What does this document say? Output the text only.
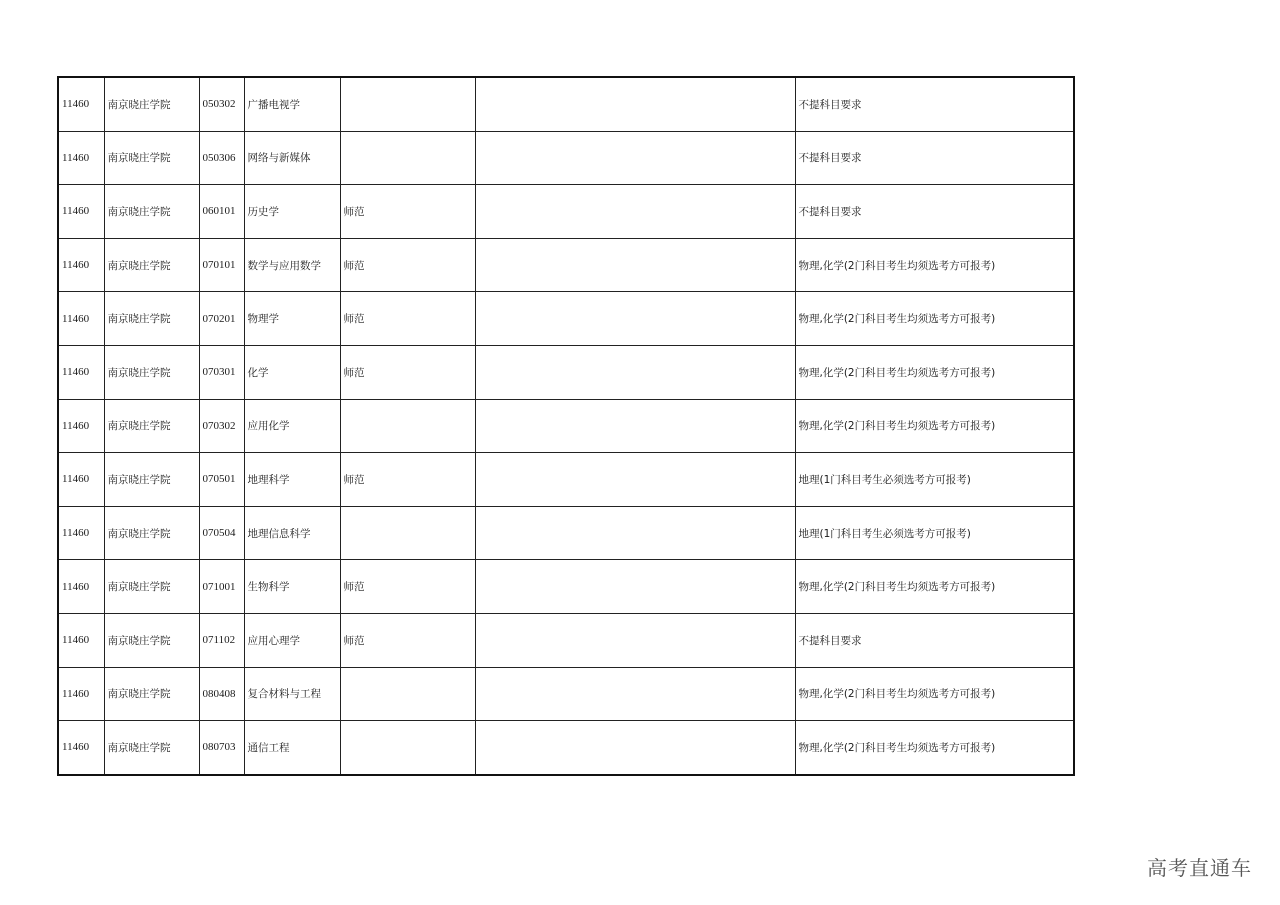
11460	南京晓庄学院	050302	广播电视学			不提科目要求
11460	南京晓庄学院	050306	网络与新媒体			不提科目要求
11460	南京晓庄学院	060101	历史学	师范		不提科目要求
11460	南京晓庄学院	070101	数学与应用数学	师范		物理,化学(2门科目考生均须选考方可报考)
11460	南京晓庄学院	070201	物理学	师范		物理,化学(2门科目考生均须选考方可报考)
11460	南京晓庄学院	070301	化学	师范		物理,化学(2门科目考生均须选考方可报考)
11460	南京晓庄学院	070302	应用化学			物理,化学(2门科目考生均须选考方可报考)
11460	南京晓庄学院	070501	地理科学	师范		地理(1门科目考生必须选考方可报考)
11460	南京晓庄学院	070504	地理信息科学			地理(1门科目考生必须选考方可报考)
11460	南京晓庄学院	071001	生物科学	师范		物理,化学(2门科目考生均须选考方可报考)
11460	南京晓庄学院	071102	应用心理学	师范		不提科目要求
11460	南京晓庄学院	080408	复合材料与工程			物理,化学(2门科目考生均须选考方可报考)
11460	南京晓庄学院	080703	通信工程			物理,化学(2门科目考生均须选考方可报考)
高考直通车
